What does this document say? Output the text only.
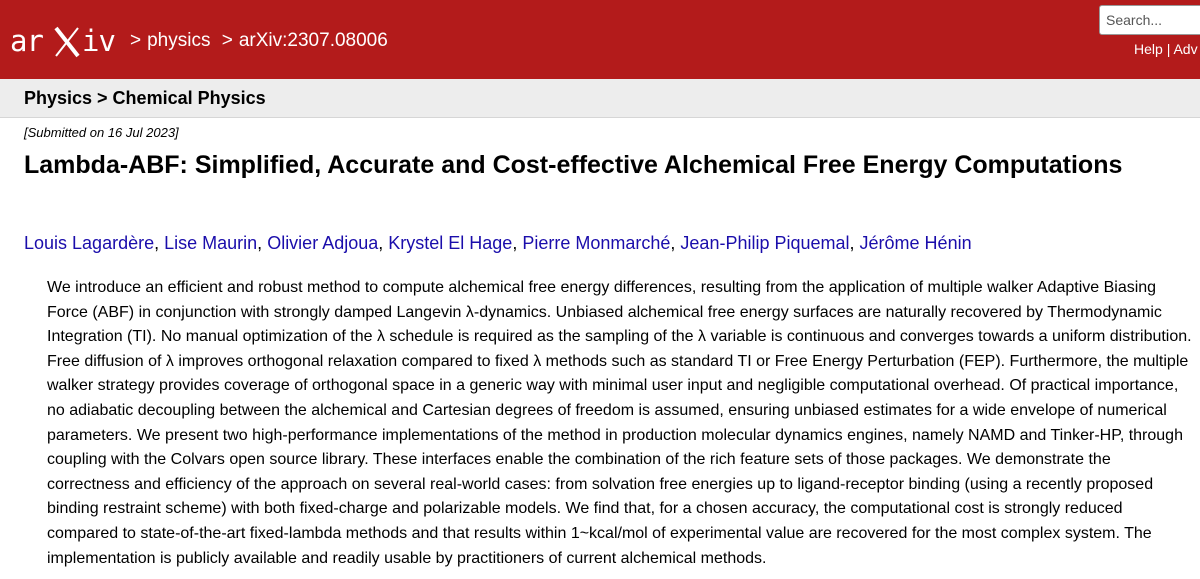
ar iv > physics > arXiv:2307.08006
Search...	Help | Adv
Physics > Chemical Physics
[Submitted on 16 Jul 2023]
Lambda-ABF: Simplified, Accurate and Cost-effective Alchemical Free Energy Computations
Louis Lagardère, Lise Maurin, Olivier Adjoua, Krystel El Hage, Pierre Monmarché, Jean-Philip Piquemal, Jérôme Hénin

We introduce an efficient and robust method to compute alchemical free energy differences, resulting from the application of multiple walker Adaptive Biasing Force (ABF) in conjunction with strongly damped Langevin λ-dynamics. Unbiased alchemical free energy surfaces are naturally recovered by Thermodynamic Integration (TI). No manual optimization of the λ schedule is required as the sampling of the λ variable is continuous and converges towards a uniform distribution. Free diffusion of λ improves orthogonal relaxation compared to fixed λ methods such as standard TI or Free Energy Perturbation (FEP). Furthermore, the multiple walker strategy provides coverage of orthogonal space in a generic way with minimal user input and negligible computational overhead. Of practical importance, no adiabatic decoupling between the alchemical and Cartesian degrees of freedom is assumed, ensuring unbiased estimates for a wide envelope of numerical parameters. We present two high-performance implementations of the method in production molecular dynamics engines, namely NAMD and Tinker-HP, through coupling with the Colvars open source library. These interfaces enable the combination of the rich feature sets of those packages. We demonstrate the correctness and efficiency of the approach on several real-world cases: from solvation free energies up to ligand-receptor binding (using a recently proposed binding restraint scheme) with both fixed-charge and polarizable models. We find that, for a chosen accuracy, the computational cost is strongly reduced compared to state-of-the-art fixed-lambda methods and that results within 1~kcal/mol of experimental value are recovered for the most complex system. The implementation is publicly available and readily usable by practitioners of current alchemical methods.
